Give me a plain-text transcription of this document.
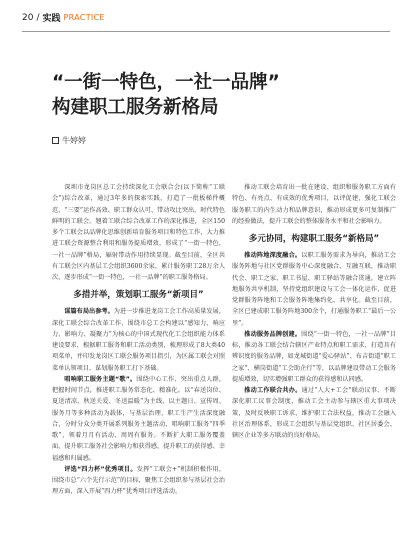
20 / 实践 PRACTICE
“一街一特色，一社一品牌”
构建职工服务新格局
牛婷婷

深圳市龙岗区总工会持续深化工会联合会(以下简称“工联会”)综合改革，通过3年多的探索实践，打造了一批板梯件概范、“三要”运作高效、职工群众认可、带动攻比突出、时代特色鲜明的工联会。翘着工联合综合改革工作的深化推进，全区150多个工联会以品牌化思维创新培育服务项目和特色工作，大力推进工联会资源整合利用和服务提质增效，形成了“一街一特色，一社一品牌”格局，辐射带动作用持续显现。截至目前，全区共有工联会区内基层工会组织3600余家，累计服务职工28万余人次，逐步形成“一街一特色，一社一品牌”的职工服务格局。

多措并举，策划职工服务“新项目”

谋篇布局出参考。为进一步推进龙岗工会工作高质量发展，深化工联会综合改革工作，围绕市总工会构建以“感知力、响应力、影响力、凝聚力”为核心的中国式现代化工会组织能力体系建设要求，根据职工服务和职工活动类别，梳理形成了8大类40项菜单，并印发龙岗区工联会服务项目指引，为区属工联会对照菜单认领项目、谋划服务职工打下基础。

唱响职工服务主题“歌”。围绕中心工作、突出重点人群，把握时间节点，推进职工服务常态化、精准化。以“春送岗位、夏送清凉、秋送关爱、冬送温暖”为主线，以主题日、宣传周、服务月等多种活动为载体，与基层治理、职工生产生活深度融合，分时分众分类开展系列服务主题活动，唱响职工服务“四季歌”，领着月月有活动、周周有服务。不断扩大职工服务覆盖面，提升职工服务社会影响力和获得感，提升职工的获得感、幸福感和归属感。

评选“四力杯”优秀项目。发挥“工联会+”机制积极作用，围绕市总“六个先行示范”的目标，聚焦工会组织参与基层社会治理方面，深入开展“四力杯”优秀项目评选活动。

推动工联会培育出一批在建设、组织和服务职工方面有特色、有亮点、有成效的优秀项目，以评促建，强化工联会服务职工的内生动力和品牌意识，推动形成更多可复制推广的经验做法，提升工联会的整体服务水平和社会影响力。

多元协同，构建职工服务“新格局”

推动阵地深度融合。以职工服务需求为导向，推动工会服务阵地与社区党群服务中心深度融合、互融互联，推动职代会、职工之家、职工书屋、职工驿站等融合贯通，建立阵地服务共享机制，坚持党组织建设与工会一体化运作，促进党群服务阵地和工会服务阵地集约化、共享化。截至目前，全区已建成职工服务阵地300余个，打通服务职工“最后一公里”。

推动服务品牌创建。围绕“一街一特色，一社一品牌”目标，推动各工联会结合辖区产业特点和职工需求，打造具有辨识度的服务品牌，如龙城街道“爱心驿站”、布吉街道“职工之家”、横岗街道“工会助企行”等，以品牌建设带动工会服务提质增效，切实增强职工群众的获得感和认同感。

推动工作联合共办。通过“人大+工会”联动议事、不断深化职工议事会制度，推动工会主动参与辖区重大事项决策，及时反映职工诉求，维护职工合法权益，推动工会融入社区治理体系，形成工会组织与基层党组织、社区居委会、辖区企业等多方联动的良好格局。
